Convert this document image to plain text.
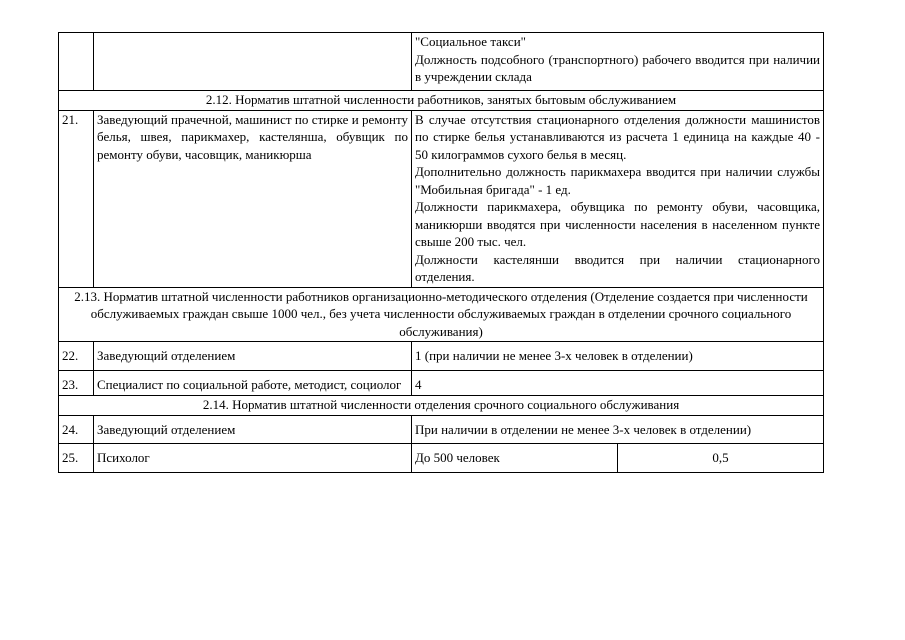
		"Социальное такси"
Должность подсобного (транспортного) рабочего вводится при наличии в учреждении склада	

2.12. Норматив штатной численности работников, занятых бытовым обслуживанием			
21.	Заведующий прачечной, машинист по стирке и ремонту белья, швея, парикмахер, кастелянша, обувщик по ремонту обуви, часовщик, маникюрша	В случае отсутствия стационарного отделения должности машинистов по стирке белья устанавливаются из расчета 1 единица на каждые 40 - 50 килограммов сухого белья в месяц.
Дополнительно должность парикмахера вводится при наличии службы "Мобильная бригада" - 1 ед.
Должности парикмахера, обувщика по ремонту обуви, часовщика, маникюрши вводятся при численности населения в населенном пункте свыше 200 тыс. чел.
Должности кастелянши вводится при наличии стационарного отделения.	

2.13. Норматив штатной численности работников организационно-методического отделения (Отделение создается при численности обслуживаемых граждан свыше 1000 чел., без учета численности обслуживаемых граждан в отделении срочного социального обслуживания)			
22.	Заведующий отделением	1 (при наличии не менее 3-х человек в отделении)	
23.	Специалист по социальной работе, методист, социолог	4	
2.14. Норматив штатной численности отделения срочного социального обслуживания			
24.	Заведующий отделением	При наличии в отделении не менее 3-х человек в отделении)	
25.	Психолог	До 500 человек	0,5
